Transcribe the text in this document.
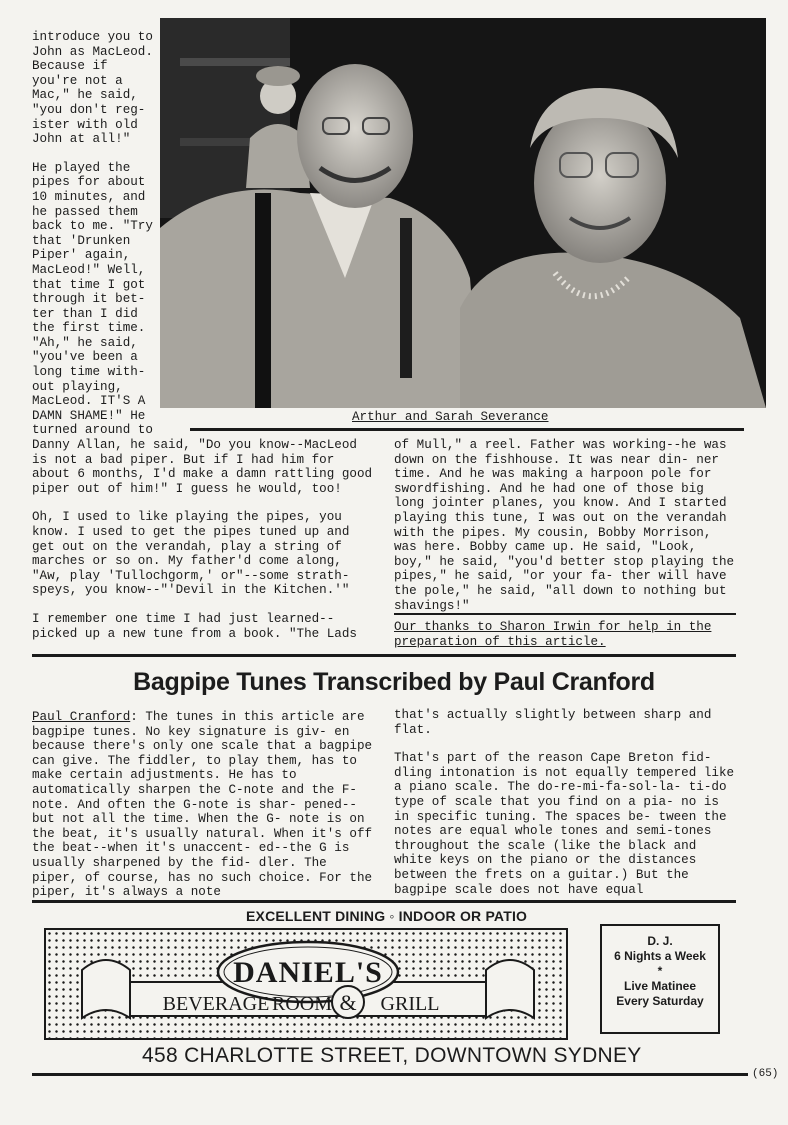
introduce you to John as MacLeod. Because if you're not a Mac," he said, "you don't reg- ister with old John at all!"

He played the pipes for about 10 minutes, and he passed them back to me. "Try that 'Drunken Piper' again, MacLeod!" Well, that time I got through it bet- ter than I did the first time. "Ah," he said, "you've been a long time with- out playing, MacLeod. IT'S A DAMN SHAME!" He turned around to

Arthur and Sarah Severance

Danny Allan, he said, "Do you know--MacLeod is not a bad piper. But if I had him for about 6 months, I'd make a damn rattling good piper out of him!" I guess he would, too!

Oh, I used to like playing the pipes, you know. I used to get the pipes tuned up and get out on the verandah, play a string of marches or so on. My father'd come along, "Aw, play 'Tullochgorm,' or"--some strath- speys, you know--"'Devil in the Kitchen.'"

I remember one time I had just learned-- picked up a new tune from a book. "The Lads

of Mull," a reel. Father was working--he was down on the fishhouse. It was near din- ner time. And he was making a harpoon pole for swordfishing. And he had one of those big long jointer planes, you know. And I started playing this tune, I was out on the verandah with the pipes. My cousin, Bobby Morrison, was here. Bobby came up. He said, "Look, boy," he said, "you'd better stop playing the pipes," he said, "or your fa- ther will have the pole," he said, "all down to nothing but shavings!"

Our thanks to Sharon Irwin for help in the preparation of this article.
Bagpipe Tunes Transcribed by Paul Cranford

Paul Cranford: The tunes in this article are bagpipe tunes. No key signature is giv- en because there's only one scale that a bagpipe can give. The fiddler, to play them, has to make certain adjustments. He has to automatically sharpen the C-note and the F-note. And often the G-note is shar- pened--but not all the time. When the G- note is on the beat, it's usually natural. When it's off the beat--when it's unaccent- ed--the G is usually sharpened by the fid- dler. The piper, of course, has no such choice. For the piper, it's always a note

that's actually slightly between sharp and flat.

That's part of the reason Cape Breton fid- dling intonation is not equally tempered like a piano scale. The do-re-mi-fa-sol-la- ti-do type of scale that you find on a pia- no is in specific tuning. The spaces be- tween the notes are equal whole tones and semi-tones throughout the scale (like the black and white keys on the piano or the distances between the frets on a guitar.) But the bagpipe scale does not have equal

EXCELLENT DINING ◦ INDOOR OR PATIO
DANIEL'S
BEVERAGE ROOM & GRILL
D. J.
6 Nights a Week
*
Live Matinee
Every Saturday
458 CHARLOTTE STREET, DOWNTOWN SYDNEY
(65)
